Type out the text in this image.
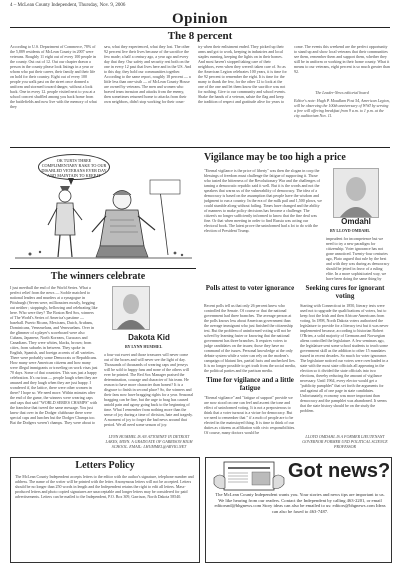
4 – McLean County Independent, Thursday, Nov. 9, 2006
Opinion
The 8 percent
According to U.S. Department of Commerce, 78% of the 5,889 residents of McLean County in 2007 were veterans. Roughly 11 eight out of every 100 people in the county. Out out of 12. Out our chapter drawn a person in the county please look listings in a year or whom who put their career, their family and their life on hold for their country. Eight out of every 100 people you walk past on the street once donned a uniform and stormed toward danger, without a look back. One in every 12. people visited next to you at a school concert shuffled among you back home from the battlefields and now live with the memory of what they
saw, what they experienced, what they lost. The other 92 percent live their lives because of the sacrifice the few made; a half a century ago, a year ago and every day that they. Our safety and security rest both on the one in every 12 past that lives here and in the US. And to this day, they hold our communities together. According to the same report, roughly 18 percent — a little less than one-sixth — of McLean County House are owned by veterans. The men and women who braved team invasion and attacks from the enemy, then sometimes returned home to attacks from their own neighbors, didn't stop working for their coun-
try when their enlistment ended. They picked up their arms and got to work, keeping in industries and local staples running, keeping the lights on in their homes. And most haven't stopped taking care of their neighbors, even when they weren't taken care of. So as the American Legion celebrates 100 years, it is time for the 92 percent to remember the eight. It is time for the many to thank the few, for the other 12 to look at the one of the one and let them know the sacrifice was not for nothing. Give to our community and school events. Shake the hands of a veteran, salute the flag and keep the tradition of respect and gratitude alive for years to
come. The events this weekend are the perfect opportunity to stand up and show local veterans that their communities see them, remember them and support them, whether they still be in uniform or working in their home county. What it means to our veterans, eight percent is so much greater than 92.
The Leader-News editorial board
Editor's note: Hugh P. Moudlam Post 54, American Legion, will be observing the 100th anniversary of WWI by serving a free will offering breakfast from 9 a.m. to 1 p.m. at the city auditorium Nov. 11.
OK TURTS THREE COMPLIMENTARY RAKE TO OUR DISABLED VETERANS EVER DAY AND MAINTAIN TO KEEP IT
Vigilance may be too high a price
"Eternal vigilance is the price of liberty" was then the slogan in corp the blessings of freedom must challenge the fatigue of supporting it. Those who tasted the bitterness of the Revolutionary War and the challenges of taming a democratic republic said it well. But it is the words and not the speakers that warns us of the vulnerability of democracy. The idea of a democracy is based on the assumption that people have the wisdom and judgment to run a country. In the era of the milk pail and 1,500 plows, we could stumble along without failing. Times have changed and the ability of manners to make policy decisions has become a challenge. The citizen's no longer sufficiently informed to know that the fine deal was fine. Or that when meeting in order to find Russia was acting our electoral book. The latest prove the uninformed had a lot to do with the election of President Trump.
Omdahl
BY LLOYD OMDAHL
imprudent for incompetence but we need to try a new paradigm for citizenship. Voter ignorance has not gone unnoticed. Twenty-four centuries ago, Plato argued that rule by the best and with they was during as democracy should be jetted in favor of a ruling elite. In a more sophisticated way, we have been doing the same thing by
The winners celebrate
I just meetball the end of the World Series. What a perfect relief from the news — Scoble matched to national leaders and murders at a synagogue in Pittsburgh (Seven were, millionaires mostly, begging out neither ; stoppingly, bellowing and celebrating like here. Who were they? The Boston Red Sox, winners of The World's Series of America's pastime — baseball. Puerto Ricans, Mexicans, Dutch, Arubans, Dominicans, Venezuelans, and Venezuelans. Over in the glimmer of a player's scoreboard were also Cubans, Japanese, North Koreans, Curacaos and Canadians. They were whites, blacks, brown; from cities, from suburbs in between. They spoke in English, Spanish, and foreign accents of all varieties. There were probably some Democrats or Republicans. How many were American citizens and how many were illegal immigrants or traveling on work visas just 70 days. Some of that countries. This was just a happy celebration. It's curious — people laugh when they are amused and they laugh when they are just happy. I wondered if, the lattice, there were other women in there? I hope so. We need more. Within minutes after the end of the game, the winners were wearing caps and caps that said "WORLD SERIES CHAMPS" with the franchise that tweed the same message. You just knew that over in the Dodger clubhouse there were special caps and lunches but the Dodger Champs too. But the Dodgers weren't champs. They were about to
Dakota Kid
BY LYNN HUMMEL
a four-out sweet and those treasures will never come out of the boxes and will never see the light of day. Thousands of thousands of wearing caps and jerseys will be sold to happy fans and none of the others will ever be printed. The Red Sox Manager praised the determination, courage and character of his team. He reason to have more character than honest? It is a disgrace to finish in second place? So, the winners and their fans now have bragging rights for a year. Seasonal bragging can be fine, but the urge to brag has caused untold pain and agony going back to the beginning of time. What I remember from nothing more than the sense of joy during a time of division, hate and tragedy. A moment of joy to forget the bad news around that period. We all need some season of joy.
LYNN HUMMEL IS AN ATTORNEY IN DETROIT LAKES, MINN. A GRADUATE OF GARRISON HIGH SCHOOL. EMAIL: LHUMMEL@ARVIG.NET
Polls attest to voter ignorance
Recent polls tell us that only 26 percent knew who controlled the Senate. Of course or that the national government had three branches. The average person at the polls knows less about American government than the average immigrant who just finished the citizenship test. But the problem of uninformed voting will not be solved by learning faster or knowing that the national government has three branches. It requires voters to judge candidates on the issues; those they have no command of the issues. Personal knowledge at the only debate system while a voter can rely on the modern's campaign of blatant lies, partial facts and unchecked lies. It is no longer possible to get truth from the social media, the political parties and the partisan media.
Time for vigilance and a little fatigue
"Eternal vigilance" and "fatigue of support" provide we are now stood on one can feel and ascent the tone and effect of uninformed voting. It is not a preposterous to think that a voter turnout is a virtue for democracy. But we need to remember that " if a mob of people are to be elected in the mainstayed thing. It is time to think of our duties as citizens as affiliation with civic responsibilities. Of course, many doctors would be
Seeking cures for ignorant voting
Starting with Connecticut in 1850, literary tests were used not to upgrade the qualifications of voters, but to keep foot the Irish and then African-Americans from voting. In 1898, North Dakota voters authorized the legislature to provide for a literacy test but it was never implemented because, according to historian Robert O'Brien, a solid majority of Germans and Norwegian aliens controlled the legislature. A few seminars ago, the legislature sent some school students to teach some government skill as the addition to other 15 mandates issued in recent decades. So much for voter ignorance. The legislature noticed our voters were overloaded in a state with the most state officials all appearing in the election so it divided the state officials into two elections, thereby reducing the amount of vigilance necessary. Until 1964, every elector would get a "publicity pamphlet" that set forth the arguments for and against all of one page in state candidates. Unfortunately, economy was more important than democracy and the pamphlet was abandoned. It seems that the state history should be on the study the problem.
LLOYD OMDAHL IS A FORMER LIEUTENANT GOVERNOR FORMER UND POLITICAL SCIENCE PROFESSOR
Letters Policy
The McLean County Independent accepts letters to the editor with the author's signature, telephone number and address. The name of the writer will be printed with the letter. Anonymous letters will not be accepted. Letters should be no longer than 250 words in length and the Independent retains the right to edit all letters. Mass-produced letters and photo copied signatures are unacceptable and longer letters may be considered for paid advertisements. Letters can be mailed to the Independent, P.O. Box 309, Garrison, North Dakota 58540.
Got news?
The McLean County Independent wants you. Your stories and news tips are important to us. We like hearing from our readers. Contact the Independent by calling 463-2201, or email editorsnd@bhgnews.com Story ideas can also be emailed to us: editors@bhgnews.com Ideas can also be faxed to 463-7487.
